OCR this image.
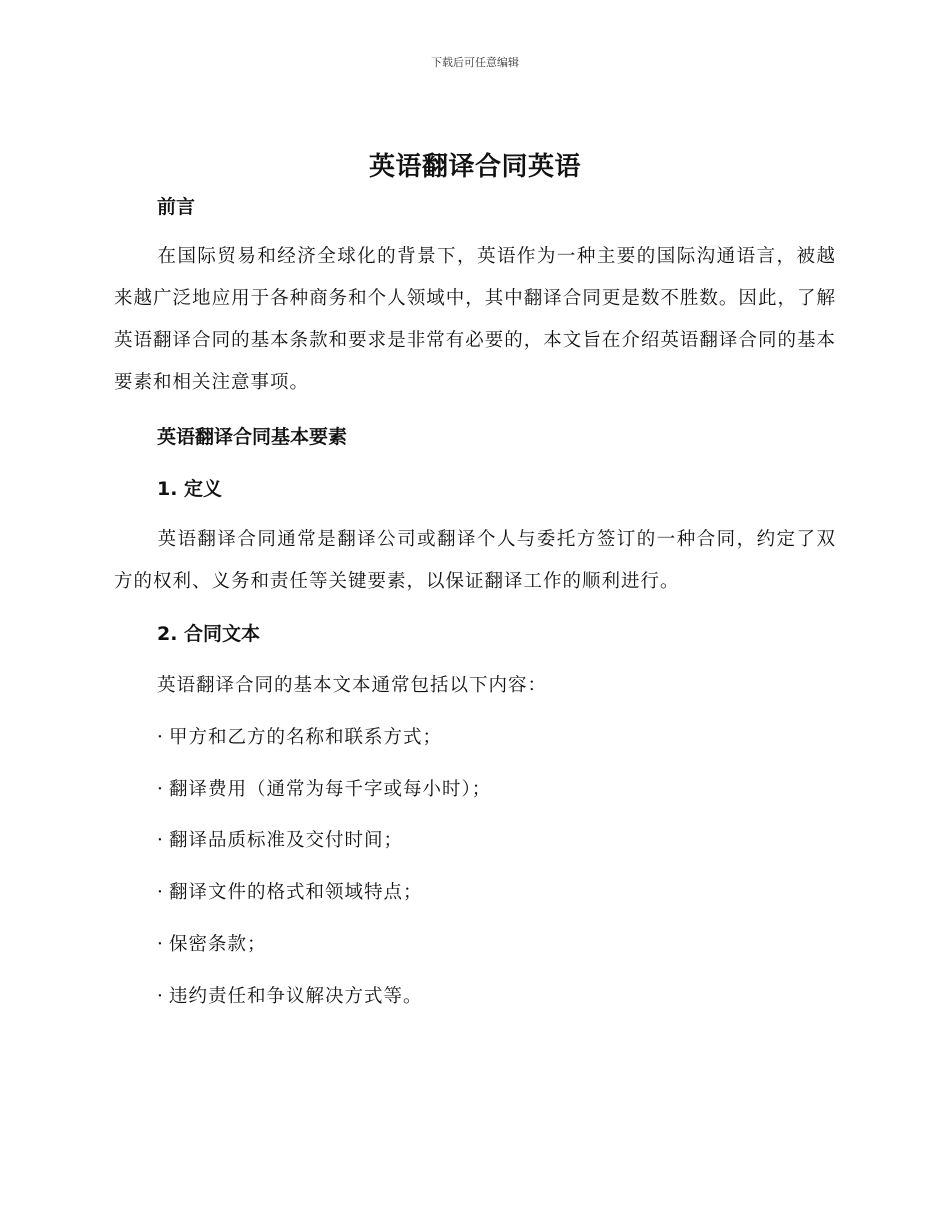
下载后可任意编辑
英语翻译合同英语
前言
在国际贸易和经济全球化的背景下，英语作为一种主要的国际沟通语言，被越来越广泛地应用于各种商务和个人领域中，其中翻译合同更是数不胜数。因此，了解英语翻译合同的基本条款和要求是非常有必要的，本文旨在介绍英语翻译合同的基本要素和相关注意事项。
英语翻译合同基本要素
1. 定义
英语翻译合同通常是翻译公司或翻译个人与委托方签订的一种合同，约定了双方的权利、义务和责任等关键要素，以保证翻译工作的顺利进行。
2. 合同文本
英语翻译合同的基本文本通常包括以下内容：
· 甲方和乙方的名称和联系方式；
· 翻译费用（通常为每千字或每小时）；
· 翻译品质标准及交付时间；
· 翻译文件的格式和领域特点；
· 保密条款；
· 违约责任和争议解决方式等。
